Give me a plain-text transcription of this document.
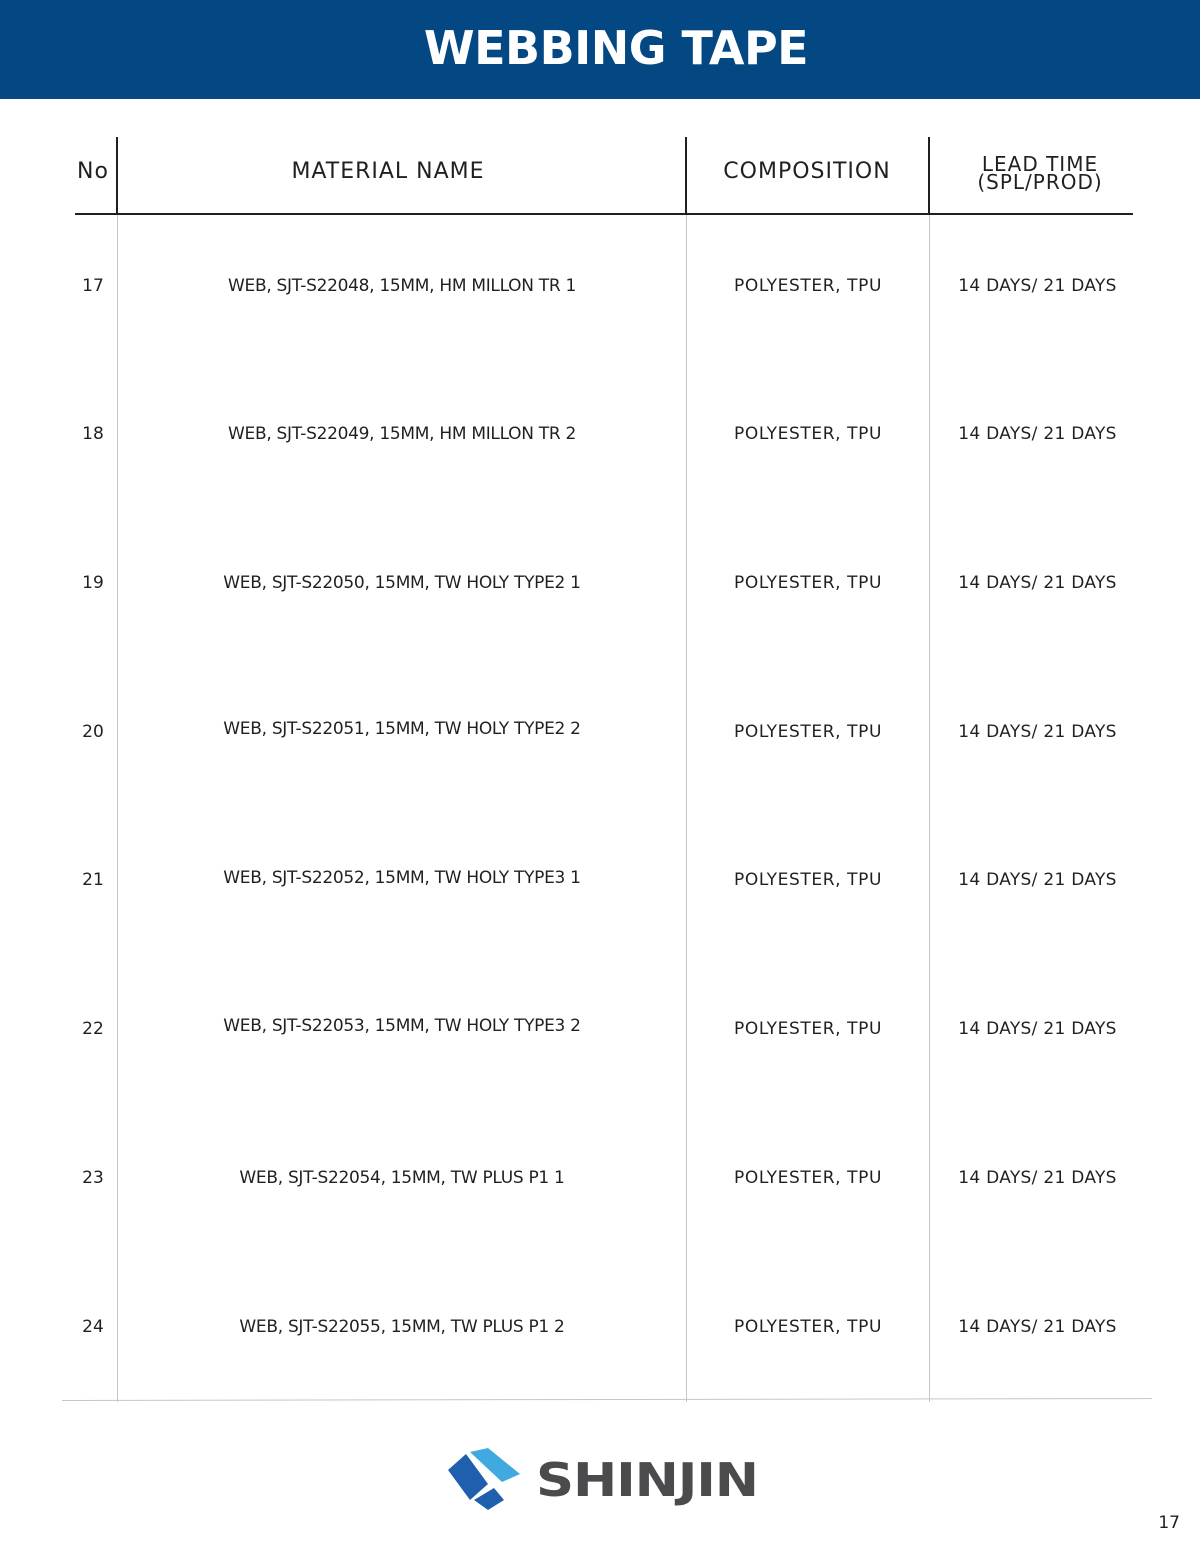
WEBBING TAPE
No	MATERIAL NAME	COMPOSITION	LEAD TIME
(SPL/PROD)
17	WEB, SJT-S22048, 15MM, HM MILLON TR 1	POLYESTER, TPU	14 DAYS/ 21 DAYS
18	WEB, SJT-S22049, 15MM, HM MILLON TR 2	POLYESTER, TPU	14 DAYS/ 21 DAYS
19	WEB, SJT-S22050, 15MM, TW HOLY TYPE2 1	POLYESTER, TPU	14 DAYS/ 21 DAYS
20	WEB, SJT-S22051, 15MM, TW HOLY TYPE2 2	POLYESTER, TPU	14 DAYS/ 21 DAYS
21	WEB, SJT-S22052, 15MM, TW HOLY TYPE3 1	POLYESTER, TPU	14 DAYS/ 21 DAYS
22	WEB, SJT-S22053, 15MM, TW HOLY TYPE3 2	POLYESTER, TPU	14 DAYS/ 21 DAYS
23	WEB, SJT-S22054, 15MM, TW PLUS P1 1	POLYESTER, TPU	14 DAYS/ 21 DAYS
24	WEB, SJT-S22055, 15MM, TW PLUS P1 2	POLYESTER, TPU	14 DAYS/ 21 DAYS
SHINJIN
17
